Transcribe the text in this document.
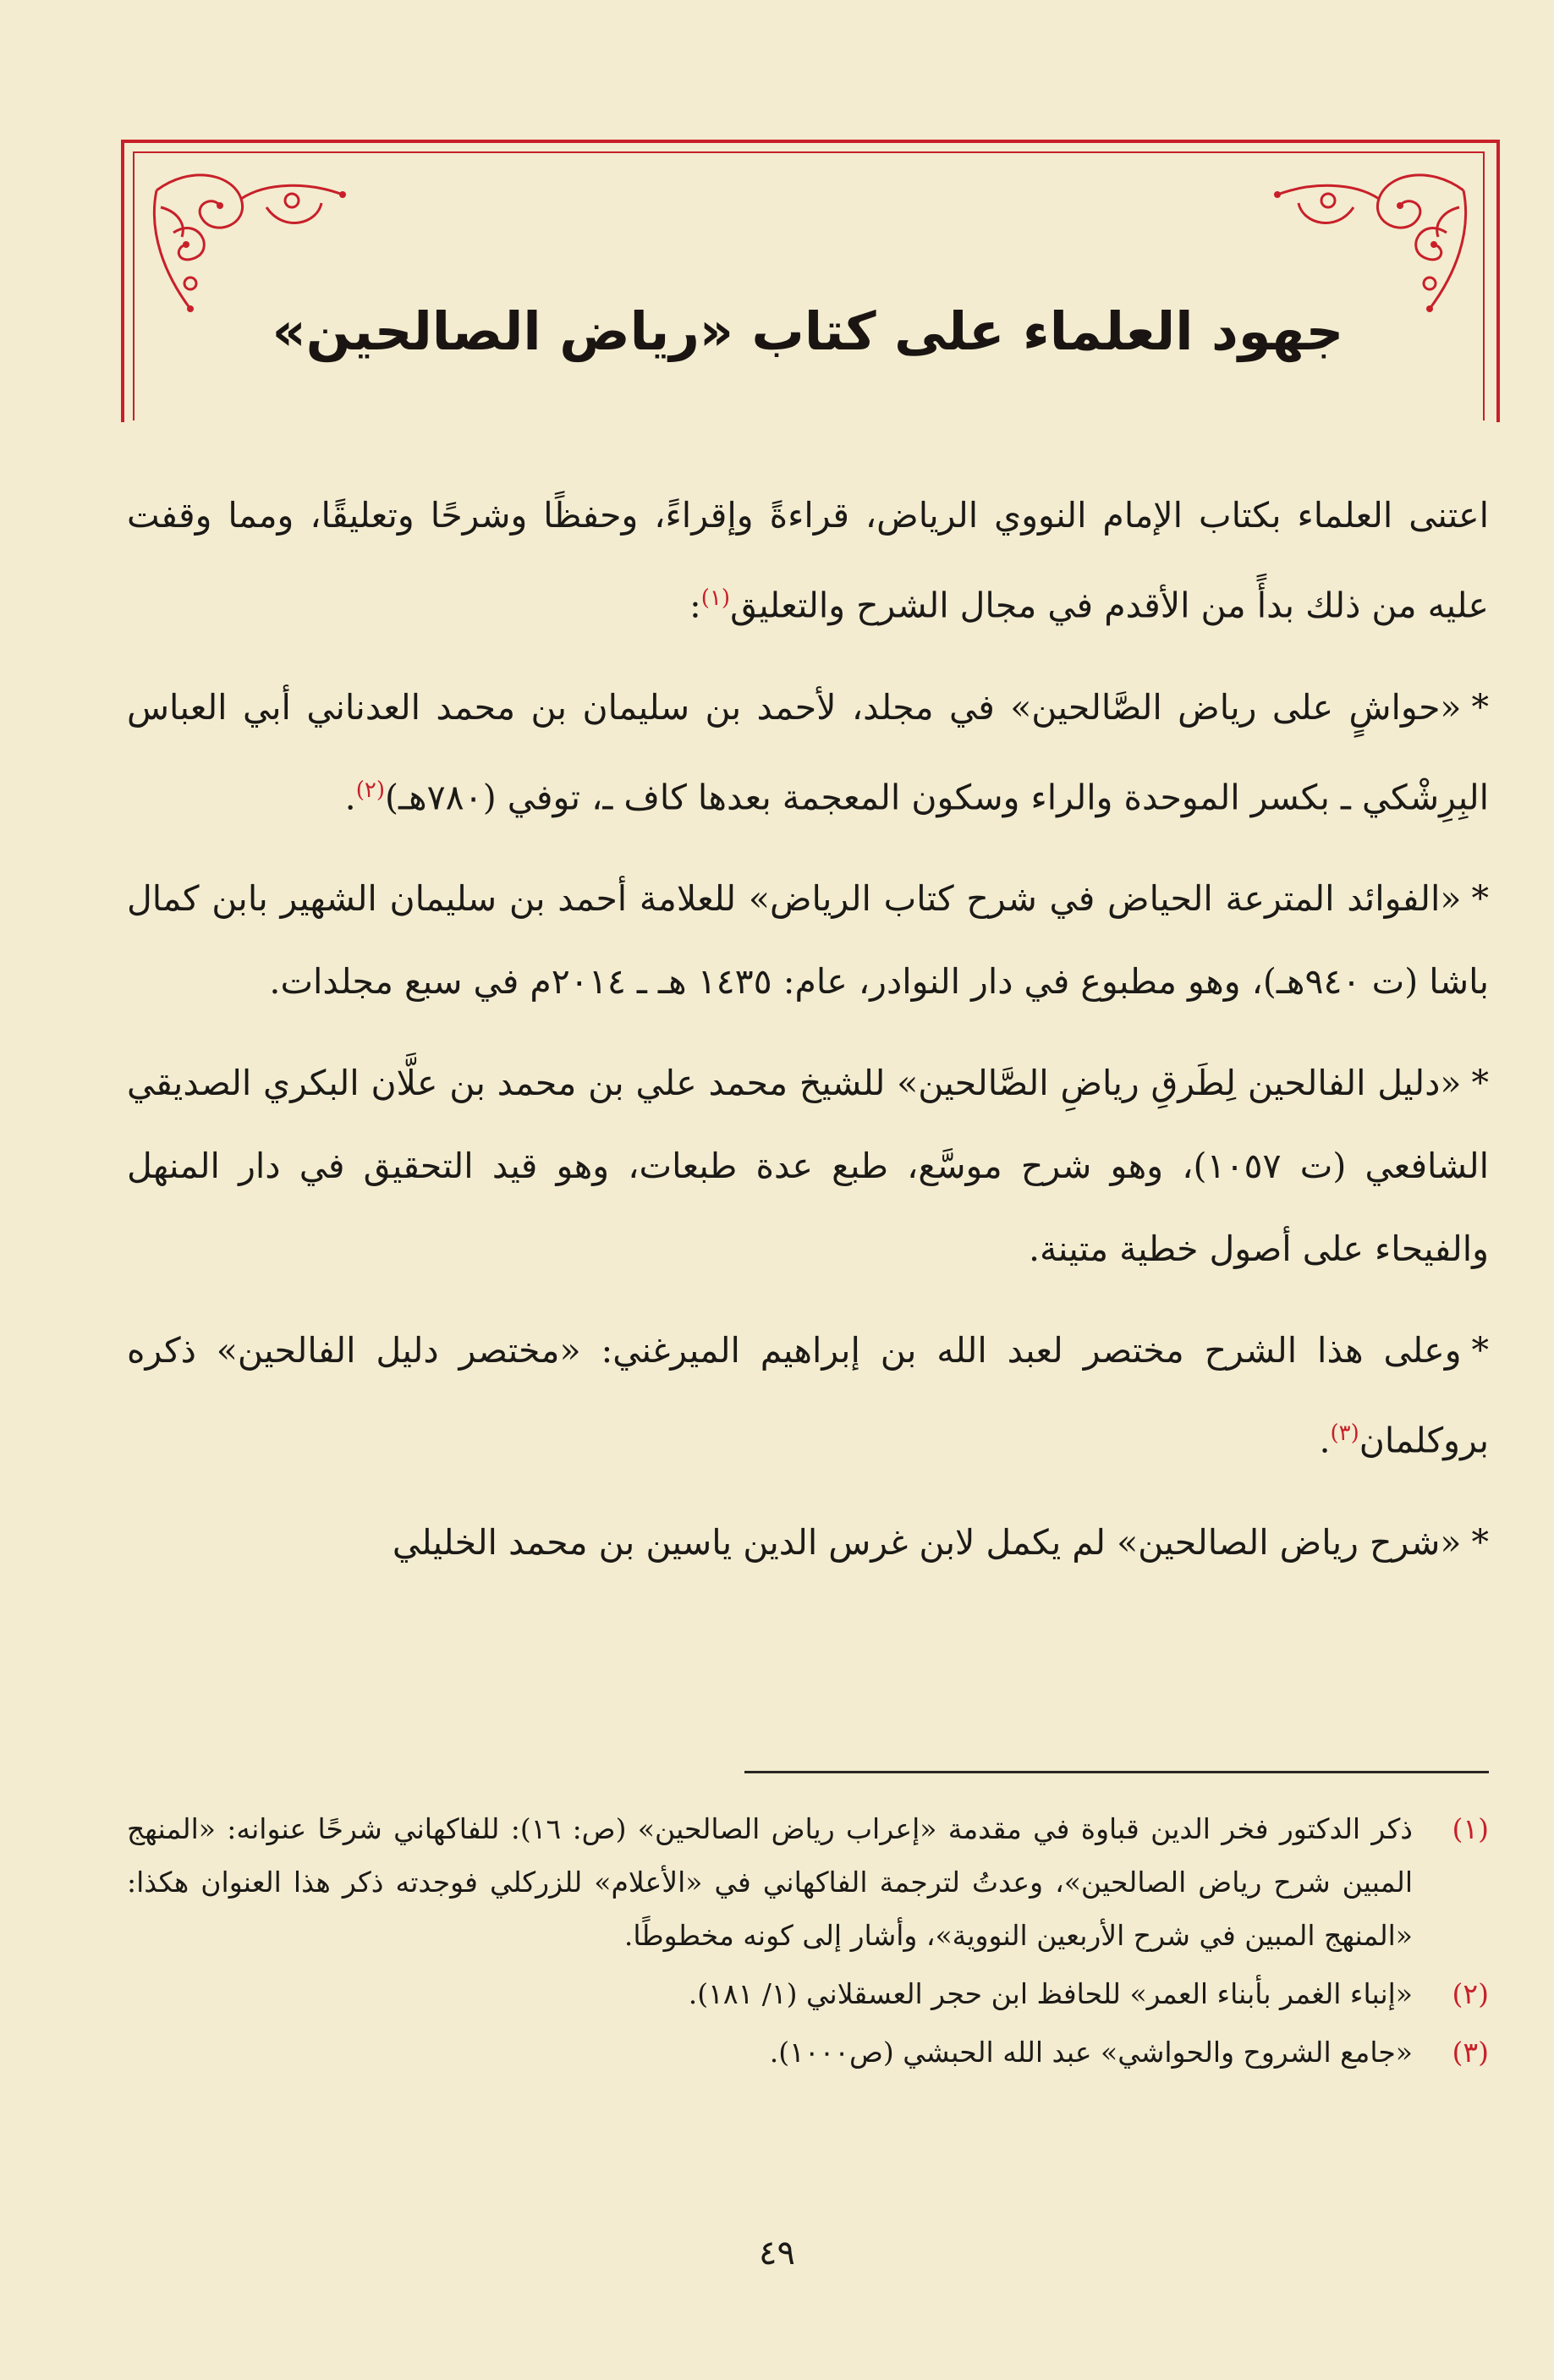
جهود العلماء على كتاب «رياض الصالحين»

اعتنى العلماء بكتاب الإمام النووي الرياض، قراءةً وإقراءً، وحفظًا وشرحًا وتعليقًا، ومما وقفت عليه من ذلك بدأً من الأقدم في مجال الشرح والتعليق$^{(١)}$:

*«حواشٍ على رياض الصَّالحين» في مجلد، لأحمد بن سليمان بن محمد العدناني أبي العباس البِرِشْكي ـ بكسر الموحدة والراء وسكون المعجمة بعدها كاف ـ، توفي (٧٨٠هـ)$^{(٢)}$.

*«الفوائد المترعة الحياض في شرح كتاب الرياض» للعلامة أحمد بن سليمان الشهير بابن كمال باشا (ت ٩٤٠هـ)، وهو مطبوع في دار النوادر، عام: ١٤٣٥ هـ ـ ٢٠١٤م في سبع مجلدات.

*«دليل الفالحين لِطَرقِ رياضِ الصَّالحين» للشيخ محمد علي بن محمد بن علَّان البكري الصديقي الشافعي (ت ١٠٥٧)، وهو شرح موسَّع، طبع عدة طبعات، وهو قيد التحقيق في دار المنهل والفيحاء على أصول خطية متينة.

*وعلى هذا الشرح مختصر لعبد الله بن إبراهيم الميرغني: «مختصر دليل الفالحين» ذكره بروكلمان$^{(٣)}$.

*«شرح رياض الصالحين» لم يكمل لابن غرس الدين ياسين بن محمد الخليلي

(١)
ذكر الدكتور فخر الدين قباوة في مقدمة «إعراب رياض الصالحين» (ص: ١٦): للفاكهاني شرحًا عنوانه: «المنهج المبين شرح رياض الصالحين»، وعدتُ لترجمة الفاكهاني في «الأعلام» للزركلي فوجدته ذكر هذا العنوان هكذا: «المنهج المبين في شرح الأربعين النووية»، وأشار إلى كونه مخطوطًا.
(٢)
«إنباء الغمر بأبناء العمر» للحافظ ابن حجر العسقلاني (١/ ١٨١).
(٣)
«جامع الشروح والحواشي» عبد الله الحبشي (ص١٠٠٠).
٤٩
